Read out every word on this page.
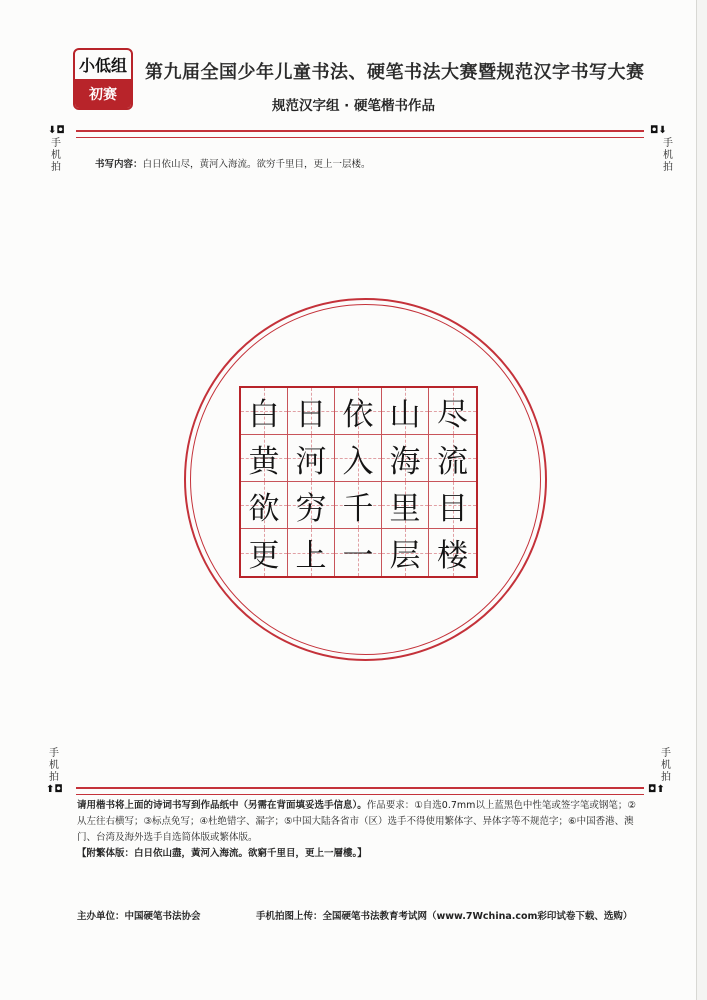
小低组
初赛
第九届全国少年儿童书法、硬笔书法大赛暨规范汉字书写大赛
规范汉字组 · 硬笔楷书作品
⬇◘	◘⬇
手机拍
手机拍
书写内容：白日依山尽，黄河入海流。欲穷千里目，更上一层楼。
白 日 依 山 尽
黄 河 入 海 流
欲 穷 千 里 目
更 上 一 层 楼
手机拍
手机拍
⬆◘	◘⬆
请用楷书将上面的诗词书写到作品纸中（另需在背面填妥选手信息）。作品要求：①自选0.7mm以上蓝黑色中性笔或签字笔或钢笔；②从左往右横写；③标点免写；④杜绝错字、漏字；⑤中国大陆各省市（区）选手不得使用繁体字、异体字等不规范字；⑥中国香港、澳门、台湾及海外选手自选简体版或繁体版。
【附繁体版：白日依山盡，黃河入海流。欲窮千里目，更上一層樓。】
主办单位：中国硬笔书法协会	手机拍图上传：全国硬笔书法教育考试网（www.7Wchina.com彩印试卷下载、选购）
